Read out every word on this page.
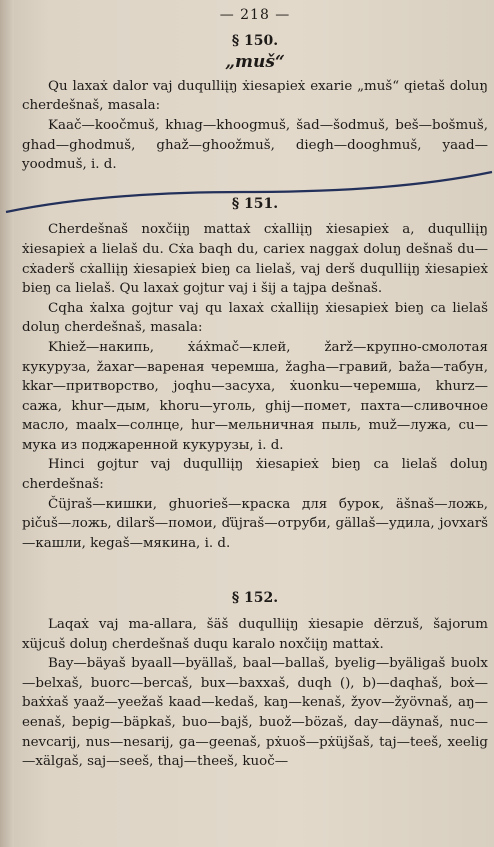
— 218 —
§ 150.
„muš“

Qu laxaẋ dalor vaj duqulliįŋ ẋiesapieẋ exarie „muš“ qietaš doluŋ cherdešnaš, masala:

Kaač—koočmuš, khıag—khoogmuš, šad—šodmuš, beš—bošmuš, ghad—ghodmuš, ghaž—ghoožmuš, diegh—dooghmuš, yaad—yoodmuš, i. d.

§ 151.

Cherdešnaš noxčiįŋ mattaẋ cẋalliįŋ ẋiesapieẋ a, duqulliįŋ ẋiesapieẋ a lielaš du. Cẋa baqh du, cariex naggaẋ doluŋ dešnaš du—cẋaderš cẋalliįŋ ẋiesapieẋ bieŋ ca lielaš, vaj derš duqulliįŋ ẋiesapieẋ bieŋ ca lielaš. Qu laxaẋ gojtur vaj i šij a tajpa dešnaš.

Cqha ẋalxa gojtur vaj qu laxaẋ cẋalliįŋ ẋiesapieẋ bieŋ ca lielaš doluŋ cherdešnaš, masala:

Khiež—накипь, ẋáẋmač—клей, žarž—крупно-смолотая кукуруза, žaxar—вареная черемша, žagha—гравий, baža—табун, kkar—притворство, joqhu—засуха, ẋuonku—черемша, khurz—сажа, khur—дым, khoru—уголь, ghij—помет, пахта—сливочное масло, maalx—солнце, hur—мельничная пыль, muž—лужа, cu—мука из поджаренной кукурузы, i. d.

Hinci gojtur vaj duqulliįŋ ẋiesapieẋ bieŋ ca lielaš doluŋ cherdešnaš:

Čüjraš—кишки, ghuorieš—краска для бурок, äšnaš—ложь, pičuš—ложь, dilarš—помои, ďüjraš—отруби, gällaš—удила, jovxarš—кашли, kegaš—мякина, i. d.

§ 152.

Laqaẋ vaj ma-allara, šäš duqulliįŋ ẋiesapie dërzuš, šajorum xüjcuš doluŋ cherdešnaš duqu karalo noxčiįŋ mattaẋ.

Bay—bäyaš byaall—byällaš, baal—ballaš, byelig—byäligaš buolx—belxaš, buorc—bercaš, bux—baxxaš, duqh (), b)—daqhaš, boẋ—baẋẋaš yaaž—yeežaš kaad—kedaš, kaŋ—kenaš, žyov—žyövnaš, aŋ—eenaš, bepig—bäpkaš, buo—bajš, buož—bözaš, day—däynaš, nuc—nevcarij, nus—nesarij, ga—geenaš, pẋuoš—pẋüjšaš, taj—teeš, xeelig—xälgaš, saj—seeš, thaj—theeš, kuoč—
